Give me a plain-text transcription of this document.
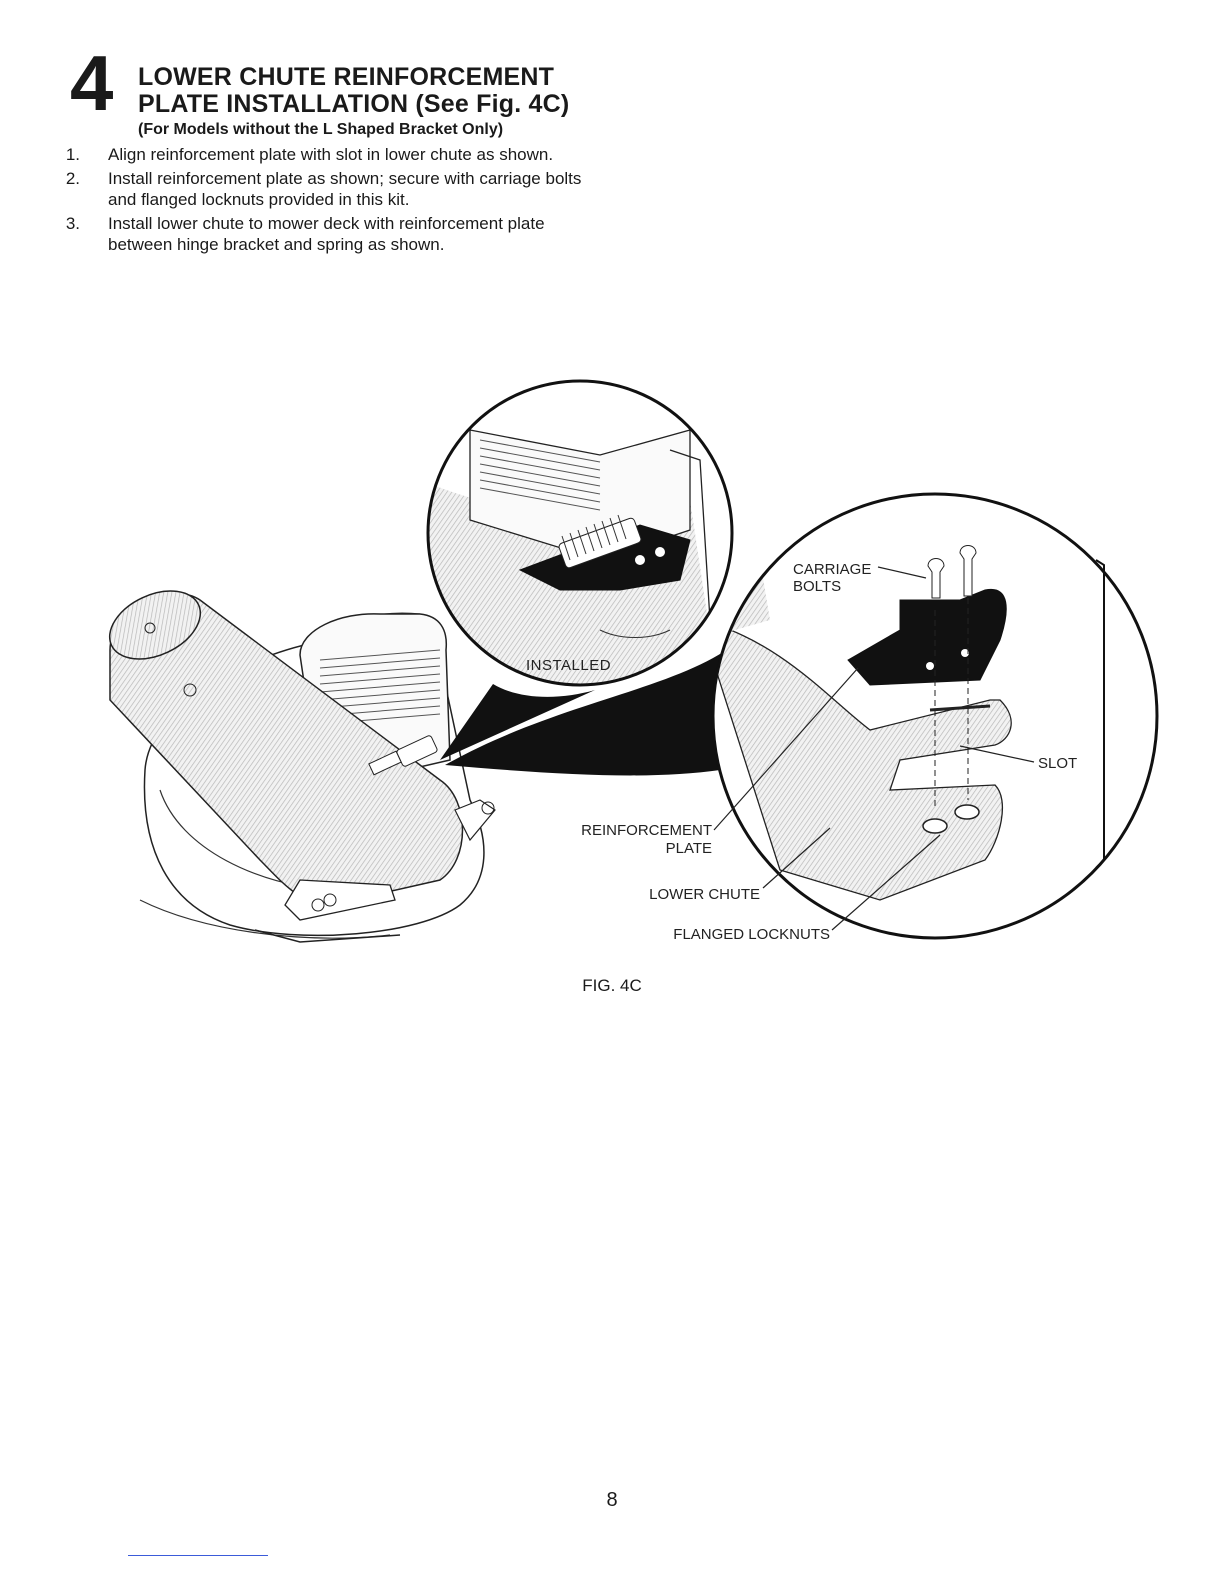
4 LOWER CHUTE REINFORCEMENT
PLATE INSTALLATION (See Fig. 4C)
(For Models without the L Shaped Bracket Only)
1. Align reinforcement plate with slot in lower chute as shown.
2. Install reinforcement plate as shown; secure with carriage bolts and flanged locknuts provided in this kit.
3. Install lower chute to mower deck with reinforcement plate between hinge bracket and spring as shown.
INSTALLED
CARRIAGE
BOLTS
SLOT
REINFORCEMENT
PLATE
LOWER CHUTE
FLANGED LOCKNUTS
FIG. 4C
8
